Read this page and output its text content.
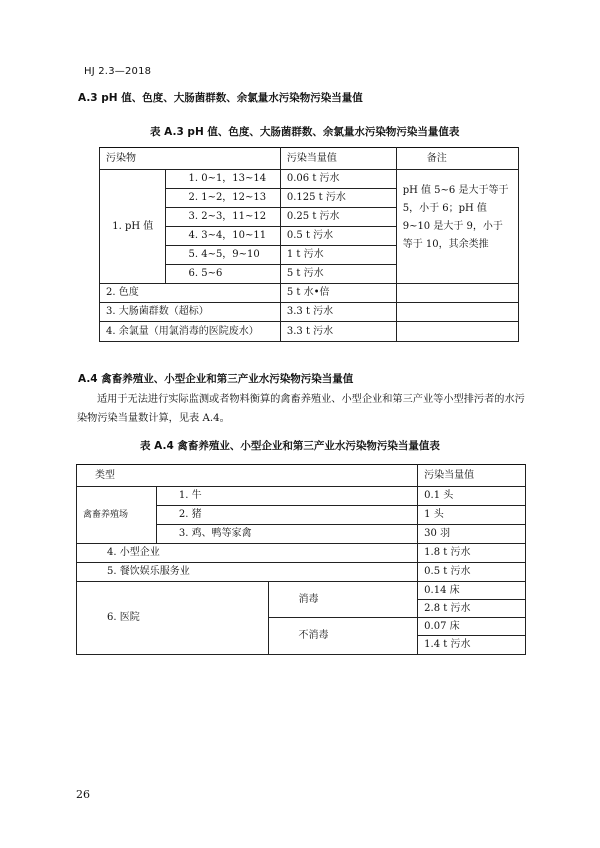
HJ 2.3—2018
A.3 pH 值、色度、大肠菌群数、余氯量水污染物污染当量值
表 A.3 pH 值、色度、大肠菌群数、余氯量水污染物污染当量值表
污染物		污染当量值	备注
1. pH 值	1. 0~1，13~14	0.06 t 污水	pH 值 5~6 是大于等于 5，小于 6；pH 值 9~10 是大于 9，小于等于 10，其余类推
	2. 1~2，12~13	0.125 t 污水	
	3. 2~3，11~12	0.25 t 污水	
	4. 3~4，10~11	0.5 t 污水	
	5. 4~5，9~10	1 t 污水	
	6. 5~6	5 t 污水	
2. 色度		5 t 水•倍	
3. 大肠菌群数（超标）		3.3 t 污水	
4. 余氯量（用氯消毒的医院废水）		3.3 t 污水	
A.4 禽畜养殖业、小型企业和第三产业水污染物污染当量值
适用于无法进行实际监测或者物料衡算的禽畜养殖业、小型企业和第三产业等小型排污者的水污染物污染当量数计算，见表 A.4。
表 A.4 禽畜养殖业、小型企业和第三产业水污染物污染当量值表
类型			污染当量值
禽畜养殖场	1. 牛		0.1 头
	2. 猪		1 头
	3. 鸡、鸭等家禽		30 羽
4. 小型企业			1.8 t 污水
5. 餐饮娱乐服务业			0.5 t 污水
6. 医院		消毒	0.14 床
			2.8 t 污水
		不消毒	0.07 床
			1.4 t 污水
26
